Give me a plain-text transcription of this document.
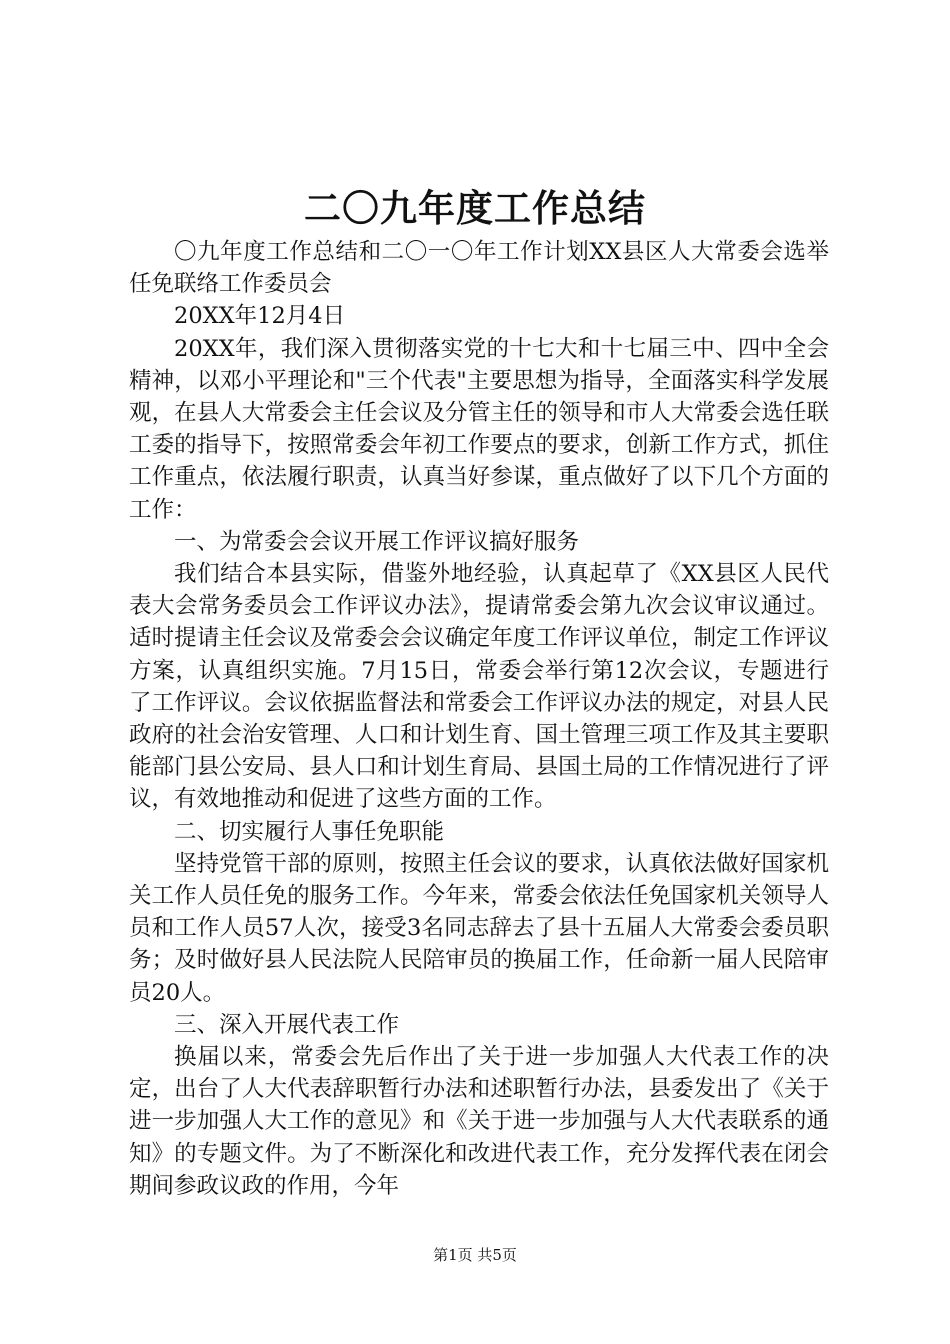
二〇九年度工作总结

〇九年度工作总结和二〇一〇年工作计划XX县区人大常委会选举任免联络工作委员会

20XX年12月4日

20XX年，我们深入贯彻落实党的十七大和十七届三中、四中全会精神，以邓小平理论和"三个代表"主要思想为指导，全面落实科学发展观，在县人大常委会主任会议及分管主任的领导和市人大常委会选任联工委的指导下，按照常委会年初工作要点的要求，创新工作方式，抓住工作重点，依法履行职责，认真当好参谋，重点做好了以下几个方面的工作：

一、为常委会会议开展工作评议搞好服务

我们结合本县实际，借鉴外地经验，认真起草了《XX县区人民代表大会常务委员会工作评议办法》，提请常委会第九次会议审议通过。适时提请主任会议及常委会会议确定年度工作评议单位，制定工作评议方案，认真组织实施。7月15日，常委会举行第12次会议，专题进行了工作评议。会议依据监督法和常委会工作评议办法的规定，对县人民政府的社会治安管理、人口和计划生育、国土管理三项工作及其主要职能部门县公安局、县人口和计划生育局、县国土局的工作情况进行了评议，有效地推动和促进了这些方面的工作。

二、切实履行人事任免职能

坚持党管干部的原则，按照主任会议的要求，认真依法做好国家机关工作人员任免的服务工作。今年来，常委会依法任免国家机关领导人员和工作人员57人次，接受3名同志辞去了县十五届人大常委会委员职务；及时做好县人民法院人民陪审员的换届工作，任命新一届人民陪审员20人。

三、深入开展代表工作

换届以来，常委会先后作出了关于进一步加强人大代表工作的决定，出台了人大代表辞职暂行办法和述职暂行办法，县委发出了《关于进一步加强人大工作的意见》和《关于进一步加强与人大代表联系的通知》的专题文件。为了不断深化和改进代表工作，充分发挥代表在闭会期间参政议政的作用，今年

第1页 共5页
